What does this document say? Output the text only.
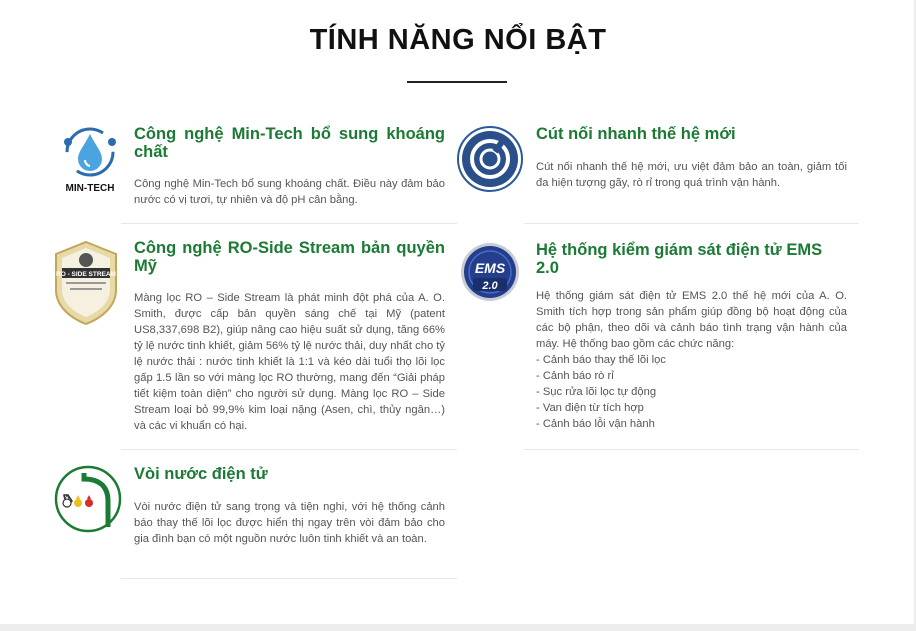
TÍNH NĂNG NỔI BẬT
MIN-TECH
Công nghệ Min-Tech bổ sung khoáng chất

Công nghệ Min-Tech bổ sung khoáng chất. Điều này đảm bảo nước có vị tươi, tự nhiên và độ pH cân bằng.

Cút nối nhanh thế hệ mới

Cút nối nhanh thế hệ mới, ưu việt đảm bảo an toàn, giảm tối đa hiện tượng gãy, rò rỉ trong quá trình vận hành.

RO - SIDE STREAM
Công nghệ RO-Side Stream bản quyền Mỹ

Màng lọc RO – Side Stream là phát minh đột phá của A. O. Smith, được cấp bản quyền sáng chế tại Mỹ (patent US8,337,698 B2), giúp nâng cao hiệu suất sử dụng, tăng 66% tỷ lệ nước tinh khiết, giảm 56% tỷ lệ nước thải, duy nhất cho tỷ lệ nước thải : nước tinh khiết là 1:1 và kéo dài tuổi thọ lõi lọc gấp 1.5 lần so với màng lọc RO thường, mang đến “Giải pháp tiết kiệm toàn diện” cho người sử dụng. Màng lọc RO – Side Stream loại bỏ 99,9% kim loại nặng (Asen, chì, thủy ngân…) và các vi khuẩn có hại.

EMS
2.0
Hệ thống kiểm giám sát điện tử EMS 2.0

Hệ thống giám sát điện tử EMS 2.0 thế hệ mới của A. O. Smith tích hợp trong sản phẩm giúp đồng bộ hoạt động của các bộ phận, theo dõi và cảnh báo tình trạng vận hành của máy. Hệ thống bao gồm các chức năng:
- Cảnh báo thay thế lõi lọc
- Cảnh báo rò rỉ
- Sục rửa lõi lọc tự động
- Van điện từ tích hợp
- Cảnh báo lỗi vận hành

Vòi nước điện tử

Vòi nước điện tử sang trọng và tiện nghi, với hệ thống cảnh báo thay thế lõi lọc được hiển thị ngay trên vòi đảm bảo cho gia đình bạn có một nguồn nước luôn tinh khiết và an toàn.
